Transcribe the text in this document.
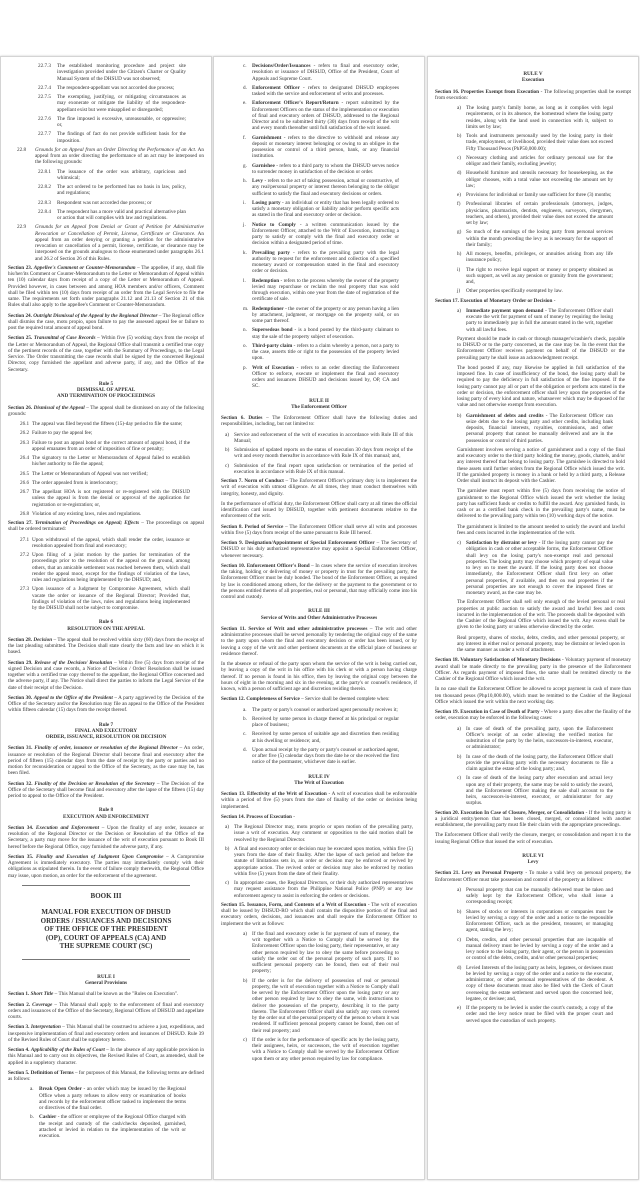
22.7.3	The established monitoring procedure and project site investigation provided under the Citizen's Charter or Quality Manual System of the DHSUD was not observed;
22.7.4	The respondent-appellant was not accorded due process;
22.7.5	The exempting, justifying, or mitigating circumstances as may exonerate or mitigate the liability of the respondent-appellant exist but were misapplied or disregarded;
22.7.6	The fine imposed is excessive, unreasonable, or oppressive; or,
22.7.7	The findings of fact do not provide sufficient basis for the imposition.
22.8	Grounds for an Appeal from an Order Directing the Performance of an Act. An appeal from an order directing the performance of an act may be interposed on the following grounds:
22.8.1	The issuance of the order was arbitrary, capricious and whimsical;
22.8.2	The act ordered to be performed has no basis in law, policy, and regulations;
22.8.3	Respondent was not accorded due process; or
22.8.4	The respondent has a more valid and practical alternative plan or action that will complies with law and regulations.
22.9	Grounds for an Appeal from Denial or Grant of Petition for Administrative Revocation or Cancellation of Permit, License, Certificate or Clearance. An appeal from an order denying or granting a petition for the administrative revocation or cancellation of a permit, license, certificate, or clearance may be interposed on the grounds analogous to those enumerated under paragraphs 26.1 and 26.2 of Section 26 of this Rules.
Section 23. Appellee's Comment or Counter-Memorandum – The appellee, if any, shall file his/her/its Comment or Counter-Memorandum to the Letter or Memorandum of Appeal within ten (10) calendar days from receipt of a copy of the Letter or Memorandum of Appeal. Provided however, in cases between and among HOA members and/or officers, Comment shall be filed within ten (10) days from receipt of an order from the Legal Service to file the same. The requirements set forth under paragraphs 21.12 and 21.13 of Section 21 of this Rules shall also apply to the appellee's Comment or Counter-Memorandum.
Section 24. Outright Dismissal of the Appeal by the Regional Director – The Regional office shall dismiss the case, motu propio, upon failure to pay the assessed appeal fee or failure to post the required total amount of appeal bond.
Section 25. Transmittal of Case Records – Within five (5) working days from the receipt of the Letter or Memorandum of Appeal, the Regional Office shall transmit a certified true copy of the pertinent records of the case, together with the Summary of Proceedings, to the Legal Service. The Order transmitting the case records shall be signed by the concerned Regional Director, copy furnished the appellant and adverse party, if any, and the Office of the Secretary.
Rule 5
DISMISSAL OF APPEAL
AND TERMINATION OF PROCEEDINGS
Section 26. Dismissal of the Appeal – The appeal shall be dismissed on any of the following grounds:
26.1 The appeal was filed beyond the fifteen (15)-day period to file the same;
26.2 Failure to pay the appeal fee;
26.3 Failure to post an appeal bond or the correct amount of appeal bond, if the appeal emanates from an order of imposition of fine or penalty;
26.4 The signatory to the Letter or Memorandum of Appeal failed to establish his/her authority to file the appeal;
26.5 The Letter or Memorandum of Appeal was not verified;
26.6 The order appealed from is interlocutory;
26.7 The appellant HOA is not registered or re-registered with the DHSUD unless the appeal is from the denial or approval of the application for registration or re-registration; or,
26.8 Violation of any existing laws, rules and regulations.
Section 27. Termination of Proceedings on Appeal; Effects – The proceedings on appeal shall be ordered terminated:
27.1 Upon withdrawal of the appeal, which shall render the order, issuance or resolution appealed from final and executory;
27.2 Upon filing of a joint motion by the parties for termination of the proceedings prior to the resolution of the appeal on the ground, among others, that an amicable settlement was reached between them, which shall render the appeal moot, except for the findings of violation of the laws, rules and regulations being implemented by the DHSUD; and,
27.3 Upon issuance of a Judgment by Compromise Agreement, which shall vacate the order or issuance of the Regional Director; Provided that, findings of violation of the laws, rules and regulations being implemented by the DHSUD shall not be subject to compromise.
Rule 6
RESOLUTION ON THE APPEAL
Section 28. Decision – The appeal shall be resolved within sixty (60) days from the receipt of the last pleading submitted. The Decision shall state clearly the facts and law on which it is based.
Section 29. Release of the Decision/ Resolution – Within five (5) days from receipt of the signed Decision and case records, a Notice of Decision / Order/ Resolution shall be issued together with a certified true copy thereof to the appellant, the Regional Office concerned and the adverse party, if any. The Notice shall direct the parties to inform the Legal Service of the date of their receipt of the Decision.
Section 30. Appeal to the Office of the President – A party aggrieved by the Decision of the Office of the Secretary and/or the Resolution may file an appeal to the Office of the President within fifteen calendar (15) days from the receipt thereof.
Rule 7
FINAL AND EXECUTORY
ORDER, ISSUANCE, RESOLUTION OR DECISION
Section 31. Finality of order, issuance or resolution of the Regional Director – An order, issuance or resolution of the Regional Director shall become final and executory after the period of fifteen (15) calendar days from the date of receipt by the party or parties and no motion for reconsideration or appeal to the Office of the Secretary, as the case may be, has been filed.
Section 32. Finality of the Decision or Resolution of the Secretary – The Decision of the Office of the Secretary shall become final and executory after the lapse of the fifteen (15) day period to appeal to the Office of the President.
Rule 8
EXECUTION AND ENFORCEMENT
Section 34. Execution and Enforcement – Upon the finality of any order, issuance or resolution of the Regional Director or the Decision or Resolution of the Office of the Secretary, a party may move for the issuance of the writ of execution pursuant to Book III hereof before the Regional Office, copy furnished the adverse party, if any.
Section 35. Finality and Execution of Judgment Upon Compromise – A Compromise Agreement is immediately executory. The parties may immediately comply with their obligations as stipulated therein. In the event of failure comply therewith, the Regional Office may issue, upon motion, an order for the enforcement of the agreement.
BOOK III
MANUAL FOR EXECUTION OF DHSUD ORDERS / ISSUANCES AND DECISIONS OF THE OFFICE OF THE PRESIDENT (OP), COURT OF APPEALS (CA) AND THE SUPREME COURT (SC)
RULE I
General Provisions
Section 1. Short Title – This Manual shall be known as the "Rules on Execution".
Section 2. Coverage – This Manual shall apply to the enforcement of final and executory orders and issuances of the Office of the Secretary, Regional Offices of DHSUD and appellate courts.
Section 3. Interpretation – This Manual shall be construed to achieve a just, expeditious, and inexpensive implementation of final and executory orders and issuances of DHSUD. Rule 39 of the Revised Rules of Court shall be suppletory hereto.
Section 4. Applicability of the Rules of Court – In the absence of any applicable provision in this Manual and to carry out its objectives, the Revised Rules of Court, as amended, shall be applied in a suppletory character.
Section 5. Definition of Terms – for purposes of this Manual, the following terms are defined as follows:
a.	Break Open Order - an order which may be issued by the Regional Office when a party refuses to allow entry or examination of books and records by the enforcement officer tasked to implement the terms or directives of the final order.
b. Cashier - the officer or employee of the Regional Office charged with the receipt and custody of the cash/checks deposited, garnished, attached or levied in relation to the implementation of the writ or execution.
c.	Decisions/Order/Issuances - refers to final and executory order, resolution or issuance of DHSUD, Office of the President, Court of Appeals and Supreme Court.
d. Enforcement Officer - refers to designated DHSUD employees tasked with the service and enforcement of writs and processes.
e.	Enforcement Officer's Report/Return - report submitted by the Enforcement Officers on the status of the implementation or execution of final and executory orders of DHSUD, addressed to the Regional Director and to be submitted thirty (30) days from receipt of the writ and every month thereafter until full satisfaction of the writ issued.
f.	Garnishment - refers to the directive to withhold and release any deposit or monetary interest belonging or owing to an obligee in the possession or control of a third person, bank, or any financial institution.
g. Garnishee - refers to a third party to whom the DHSUD serves notice to surrender money in satisfaction of the decision or order.
h. Levy - refers to the act of taking possession, actual or constructive, of any real/personal property or interest thereon belonging to the obligor sufficient to satisfy the final and executory decisions or orders.
i.	Losing party - an individual or entity that has been legally ordered to satisfy a monetary obligation or liability and/or perform specific acts as stated in the final and executory order or decision.
j.	Notice to Comply - a written communication issued by the Enforcement Officer, attached to the Writ of Execution, instructing a party to satisfy or comply with the final and executory order or decision within a designated period of time.
k. Prevailing party - refers to the prevailing party with the legal authority to request for the enforcement and collection of a specified monetary award or compensation stated in the final and executory order or decision.
l.	Redemption - refers to the process whereby the owner of the property levied may repurchase or reclaim the real property that was sold through execution, within one year from the date of registration of the certificate of sale.
m. Redemptioner - the owner of the property or any person having a lien by attachment, judgment, or mortgage on the property sold, or on some part thereof.
n. Supersedeas bond - is a bond posted by the third-party claimant to stay the sale of the property subject of execution.
o. Third-party claim - refers to a claim whereby a person, not a party to the case, asserts title or right to the possession of the property levied upon.
p. Writ of Execution - refers to an order directing the Enforcement Officer to enforce, execute or implement the final and executory orders and issuances DHSUD and decisions issued by, OP, CA and SC.
RULE II
The Enforcement Officer
Section 6. Duties – The Enforcement Officer shall have the following duties and responsibilities, including, but not limited to:
a) Service and enforcement of the writ of execution in accordance with Rule III of this Manual;
b) Submission of updated reports on the status of execution 30 days from receipt of the writ and every month thereafter in accordance with Rule IX of this manual; and,
c) Submission of the final report upon satisfaction or termination of the period of execution in accordance with Rule IX of this manual.
Section 7. Norm of Conduct – The Enforcement Officer's primary duty is to implement the writ of execution with utmost diligence. At all times, they must conduct themselves with integrity, honesty, and dignity.
In the performance of official duty, the Enforcement Officer shall carry at all times the official identification card issued by DHSUD, together with pertinent documents relative to the enforcement of the writ.
Section 8. Period of Service – The Enforcement Officer shall serve all writs and processes within five (5) days from receipt of the same pursuant to Rule III hereof.
Section 9. Designation/Appointment of Special Enforcement Officer – The Secretary of DHSUD or his duly authorized representative may appoint a Special Enforcement Officer, whenever necessary.
Section 10. Enforcement Officer's Bond – In cases where the service of execution involves the taking, holding or delivering of money or property in trust for the prevailing party, the Enforcement Officer must be duly bonded. The bond of the Enforcement Officer, as required by law is conditioned among others, for the delivery or the payment to the government or to the persons entitled thereto of all properties, real or personal, that may officially come into his control and custody.
RULE III
Service of Writs and Other Administrative Processes
Section 11. Service of Writ and other administrative processes – The writ and other administrative processes shall be served personally by tendering the original copy of the same to the party upon whom the final and executory decision or order has been issued, or by leaving a copy of the writ and other pertinent documents at the official place of business or residence thereof.
In the absence or refusal of the party upon whom the service of the writ is being carried out, by leaving a copy of the writ in his office with his clerk or with a person having charge thereof. If no person is found in his office, then by leaving the original copy between the hours of eight in the morning and six in the evening, at the party's or counsel's residence, if known, with a person of sufficient age and discretion residing therein.
Section 12. Completeness of Service – Service shall be deemed complete when:
a.	The party or party's counsel or authorized agent personally receives it;
b. Received by some person in charge thereof at his principal or regular place of business;
c.	Received by some person of suitable age and discretion then residing at his dwelling or residence; and,
d. Upon actual receipt by the party or party's counsel or authorized agent, or after five (5) calendar days from the date he or she received the first notice of the postmaster, whichever date is earlier.
RULE IV
The Writ of Execution
Section 13. Effectivity of the Writ of Execution - A writ of execution shall be enforceable within a period of five (5) years from the date of finality of the order or decision being implemented.
Section 14. Process of Execution -
a) The Regional Director may, motu proprio or upon motion of the prevailing party, issue a writ of execution. Any comment or opposition to the said motion shall be resolved by the Regional Director.
b) A final and executory order or decision may be executed upon motion, within five (5) years from the date of their finality. After the lapse of such period and before the statute of limitations sets in, an order or decision may be enforced or revived by appropriate action. The revived order or decision may also be enforced by motion within five (5) years from the date of their finality.
c) In appropriate cases, the Regional Directors, or their duly authorized representatives may request assistance from the Philippine National Police (PNP) or any law enforcement agency to assist in enforcing the orders or decisions.
Section 15. Issuance, Form, and Contents of a Writ of Execution - The writ of execution shall be issued by DHSUD-RO which shall contain the dispositive portion of the final and executory orders, decisions, and issuances and shall require the Enforcement Officer to implement the writ as follows:
a) If the final and executory order is for payment of sum of money, the writ together with a Notice to Comply shall be served by the Enforcement Officer upon the losing party, their representative, or any other person required by law to obey the same before proceeding to satisfy the order out of the personal property of such party. If no sufficient personal property can be found, then out of their real property;
b) If the order is for the delivery of possession of real or personal property, the writ of execution together with a Notice to Comply shall be served by the Enforcement Officer upon the losing party or any other person required by law to obey the same, with instructions to deliver the possession of the property, describing it to the party thereto. The Enforcement Officer shall also satisfy any costs covered by the order out of the personal property of the person to whom it was rendered. If sufficient personal property cannot be found, then out of their real property; and
c) If the order is for the performance of specific acts by the losing party, their assignees, heirs, or successors, the writ of execution together with a Notice to Comply shall be served by the Enforcement Officer upon them or any other person required by law for compliance.
RULE V
Execution
Section 16. Properties Exempt from Execution - The following properties shall be exempt from execution:
a) The losing party's family home, as long as it complies with legal requirements, or in its absence, the homestead where the losing party resides, along with the land used in connection with it, subject to limits set by law;
b) Tools and instruments personally used by the losing party in their trade, employment, or livelihood, provided their value does not exceed Fifty Thousand Pesos (PhP50,000.00);
c) Necessary clothing and articles for ordinary personal use for the obligor and their family, excluding jewelry;
d) Household furniture and utensils necessary for housekeeping, as the obligor chooses, with a total value not exceeding the amount set by law;
e) Provisions for individual or family use sufficient for three (3) months;
f)	Professional libraries of certain professionals (attorneys, judges, physicians, pharmacists, dentists, engineers, surveyors, clergymen, teachers, and others), provided their value does not exceed the amount set by law;
g) So much of the earnings of the losing party from personal services within the month preceding the levy as is necessary for the support of their family;
h) All moneys, benefits, privileges, or annuities arising from any life insurance policy;
i)	The right to receive legal support or money or property obtained as such support, as well as any pension or gratuity from the government; and,
j)	Other properties specifically exempted by law.
Section 17. Execution of Monetary Order or Decision -
a) Immediate payment upon demand - The Enforcement Officer shall execute the writ for payment of sum of money by requiring the losing party to immediately pay in full the amount stated in the writ, together with all lawful fees.
Payment should be made in cash or through manager's/cashier's check, payable to DHSUD or to the party concerned, as the case may be. In the event that the Enforcement Officer receives payment on behalf of the DHSUD or the prevailing party he shall issue an acknowledgment receipt.
The bond posted if any, may likewise be applied in full satisfaction of the imposed fine. In case of insufficiency of the bond, the losing party shall be required to pay the deficiency in full satisfaction of the fine imposed. If the losing party cannot pay all or part of the obligation or perform acts stated in the order or decision, the enforcement officer shall levy upon the properties of the losing party of every kind and nature, whatsoever which may be disposed of for value and not otherwise exempt from execution.
b) Garnishment of debts and credits - The Enforcement Officer can seize debts due to the losing party and other credits, including bank deposits, financial interests, royalties, commissions, and other personal property that cannot be manually delivered and are in the possession or control of third parties.
Garnishment involves serving a notice of garnishment and a copy of the final and executory order to the third party holding the money, goods, chattels, and/or any interest thereof that belong to losing party. The garnishee is directed to hold these assets until further orders from the Regional Office which issued the writ. If the garnished property is money in a bank or held by a third party, a Release Order shall instruct its deposit with the Cashier.
The garnishee must report within five (5) days from receiving the notice of garnishment to the Regional Office which issued the writ whether the losing party has sufficient funds or credits to fulfill the award. Any garnished funds, in cash or as a certified bank check in the prevailing party's name, must be delivered to the prevailing party within ten (10) working days of the notice.
The garnishment is limited to the amount needed to satisfy the award and lawful fees and costs incurred in the implementation of the writ.
c) Satisfaction by distraint or levy - If the losing party cannot pay the obligation in cash or other acceptable forms, the Enforcement Officer shall levy on the losing party's non-exempt real and personal properties. The losing party may choose which property of equal value to levy on to meet the award. If the losing party does not choose immediately, the Enforcement Officer shall first levy on other personal properties, if available, and then on real properties if the personal properties are not enough to cover the imposed fines or monetary award, as the case may be.
The Enforcement Officer shall sell only enough of the levied personal or real properties at public auction to satisfy the award and lawful fees and costs incurred in the implementation of the writ. The proceeds shall be deposited with the Cashier of the Regional Office which issued the writ. Any excess shall be given to the losing party or unless otherwise directed by the order.
Real property, shares of stocks, debts, credits, and other personal property, or any interest in either real or personal property, may be distraint or levied upon in the same manner as under a writ of attachment.
Section 18. Voluntary Satisfaction of Monetary Decisions - Voluntary payment of monetary award shall be made directly to the prevailing party in the presence of the Enforcement Officer. As regards payment of imposed fines, the same shall be remitted directly to the Cashier of the Regional Office which issued the writ.
In no case shall the Enforcement Officer be allowed to accept payment in cash of more than ten thousand pesos (Php10,000.00), which must be remitted to the Cashier of the Regional Office which issued the writ within the next working day.
Section 19. Execution in Case of Death of Party - Where a party dies after the finality of the order, execution may be enforced in the following cases:
a) In case of death of the prevailing party, upon the Enforcement Officer's receipt of an order allowing the verified motion for substitution of the party by the heirs, successors-in-interest, executor, or administrator;
b) In case of the death of the losing party, the Enforcement Officer shall provide the prevailing party with the necessary documents to file a claim against the estate of the losing party; and,
c) In case of death of the losing party after execution and actual levy upon any of their property, the same may be sold to satisfy the award, and the Enforcement Officer making the sale shall account to the heirs, successors-in-interest, executor, or administrator for any surplus.
Section 20. Execution In Case of Closure, Merger, or Consolidation - If the losing party is a juridical entity/person that has been closed, merged, or consolidated with another establishment, the prevailing party must file their claim with the appropriate proceedings.
The Enforcement Officer shall verify the closure, merger, or consolidation and report it to the issuing Regional Office that issued the writ of execution.
RULE VI
Levy
Section 21. Levy on Personal Property - To make a valid levy on personal property, the Enforcement Officer must take possession and control of the property as follows:
a) Personal property that can be manually delivered must be taken and safely kept by the Enforcement Officer, who shall issue a corresponding receipt;
b) Shares of stocks or interests in corporations or companies must be levied by serving a copy of the order and a notice to the responsible Enforcement Officer, such as the president, treasurer, or managing agent, stating the levy;
c) Debts, credits, and other personal properties that are incapable of manual delivery must be levied by serving a copy of the order and a levy notice to the losing party, their agent, or the person in possession or control of the debts, credits, and/or other personal properties;
d) Levied Interests of the losing party as heirs, legatees, or devisees must be levied by serving a copy of the order and a notice to the executor, administrator, or other personal representatives of the decedent. A copy of these documents must also be filed with the Clerk of Court overseeing the estate settlement and served upon the concerned heir, legatee, or devisee; and,
e) If the property to be levied is under the court's custody, a copy of the order and the levy notice must be filed with the proper court and served upon the custodian of such property.
